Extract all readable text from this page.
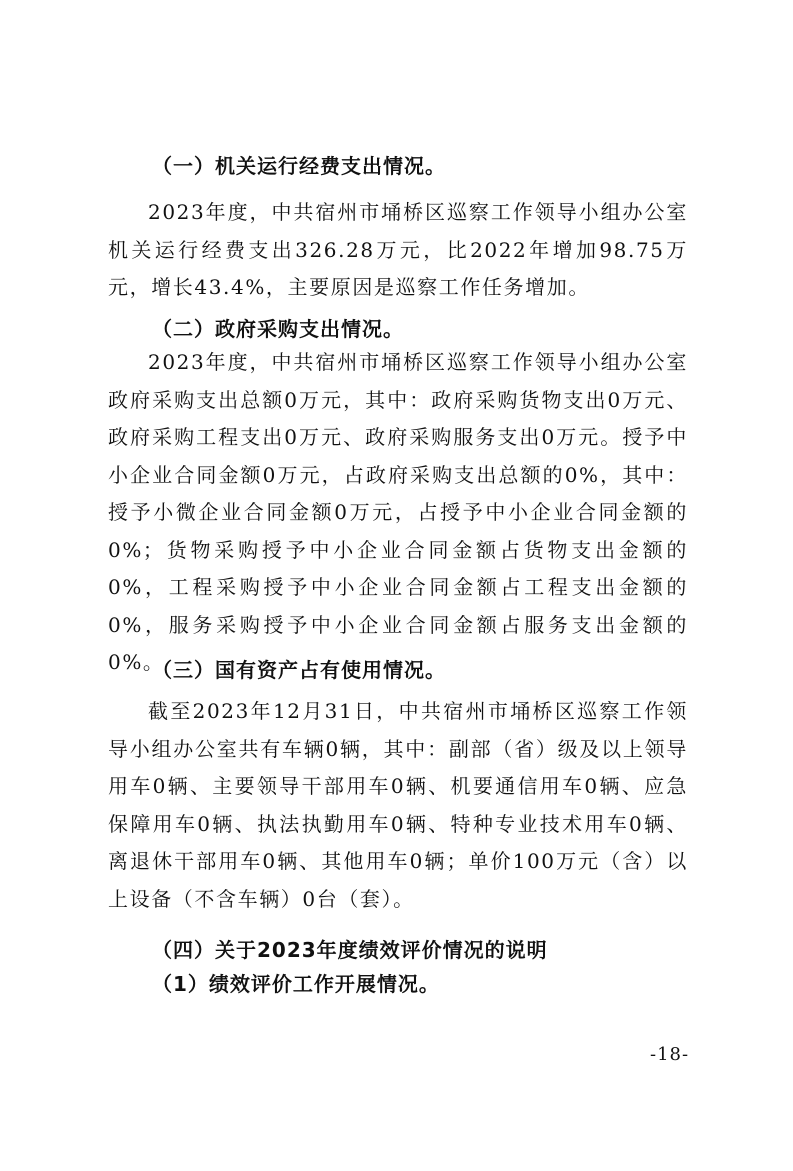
（一）机关运行经费支出情况。

2023年度，中共宿州市埇桥区巡察工作领导小组办公室机关运行经费支出326.28万元，比2022年增加98.75万元，增长43.4%，主要原因是巡察工作任务增加。

（二）政府采购支出情况。

2023年度，中共宿州市埇桥区巡察工作领导小组办公室政府采购支出总额0万元，其中：政府采购货物支出0万元、政府采购工程支出0万元、政府采购服务支出0万元。授予中小企业合同金额0万元，占政府采购支出总额的0%，其中：授予小微企业合同金额0万元，占授予中小企业合同金额的0%；货物采购授予中小企业合同金额占货物支出金额的0%，工程采购授予中小企业合同金额占工程支出金额的0%，服务采购授予中小企业合同金额占服务支出金额的0%。

（三）国有资产占有使用情况。

截至2023年12月31日，中共宿州市埇桥区巡察工作领导小组办公室共有车辆0辆，其中：副部（省）级及以上领导用车0辆、主要领导干部用车0辆、机要通信用车0辆、应急保障用车0辆、执法执勤用车0辆、特种专业技术用车0辆、离退休干部用车0辆、其他用车0辆；单价100万元（含）以上设备（不含车辆）0台（套）。

（四）关于2023年度绩效评价情况的说明
（1）绩效评价工作开展情况。
-18-
